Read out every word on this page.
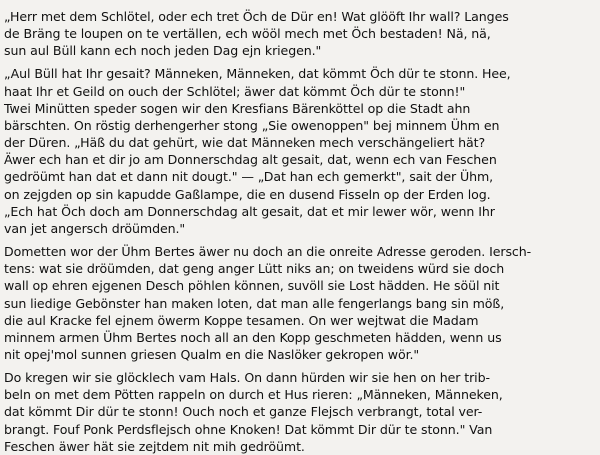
„Herr met dem Schlötel, oder ech tret Öch de Dür en! Wat glööft Ihr wall? Langes
de Bräng te loupen on te vertällen, ech wööl mech met Öch bestaden! Nä, nä,
sun aul Büll kann ech noch jeden Dag ejn kriegen."
„Aul Büll hat Ihr gesait? Männeken, Männeken, dat kömmt Öch dür te stonn. Hee,
haat Ihr et Geild on ouch der Schlötel; äwer dat kömmt Öch dür te stonn!"
Twei Minütten speder sogen wir den Kresfians Bärenköttel op die Stadt ahn
bärschten. On röstig derhengerher stong „Sie owenoppen" bej minnem Ühm en
der Düren. „Häß du dat gehürt, wie dat Männeken mech verschängeliert hät?
Äwer ech han et dir jo am Donnerschdag alt gesait, dat, wenn ech van Feschen
gedröümt han dat et dann nit dougt." — „Dat han ech gemerkt", sait der Ühm,
on zejgden op sin kapudde Gaßlampe, die en dusend Fisseln op der Erden log.
„Ech hat Öch doch am Donnerschdag alt gesait, dat et mir lewer wör, wenn Ihr
van jet angersch dröümden."
Dometten wor der Ühm Bertes äwer nu doch an die onreite Adresse geroden. Iersch-
tens: wat sie dröümden, dat geng anger Lütt niks an; on tweidens würd sie doch
wall op ehren ejgenen Desch pöhlen können, suvöll sie Lost hädden. He söül nit
sun liedige Gebönster han maken loten, dat man alle fengerlangs bang sin möß,
die aul Kracke fel ejnem öwerm Koppe tesamen. On wer wejtwat die Madam
minnem armen Ühm Bertes noch all an den Kopp geschmeten hädden, wenn us
nit opej'mol sunnen griesen Qualm en die Naslöker gekropen wör."
Do kregen wir sie glöcklech vam Hals. On dann hürden wir sie hen on her trib-
beln on met dem Pötten rappeln on durch et Hus rieren: „Männeken, Männeken,
dat kömmt Dir dür te stonn! Ouch noch et ganze Flejsch verbrangt, total ver-
brangt. Fouf Ponk Perdsflejsch ohne Knoken! Dat kömmt Dir dür te stonn." Van
Feschen äwer hät sie zejtdem nit mih gedröümt.
